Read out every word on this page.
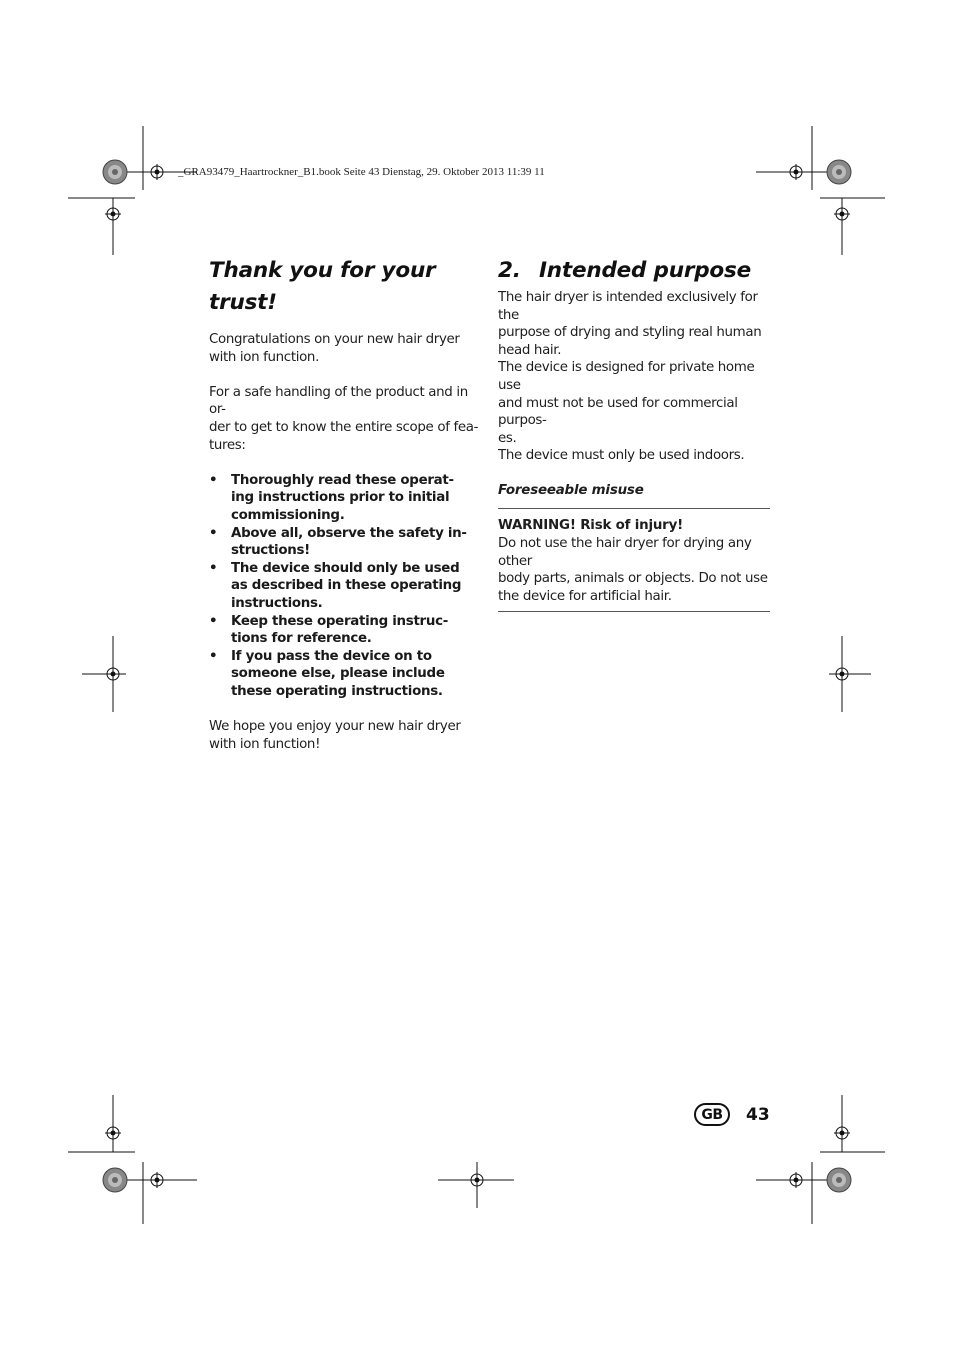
_GRA93479_Haartrockner_B1.book Seite 43 Dienstag, 29. Oktober 2013 11:39 11
Thank you for your trust!

Congratulations on your new hair dryer with ion function.

For a safe handling of the product and in or-
der to get to know the entire scope of fea-
tures:

• Thoroughly read these operat-
ing instructions prior to initial
commissioning.
• Above all, observe the safety in-
structions!
• The device should only be used
as described in these operating
instructions.
• Keep these operating instruc-
tions for reference.
• If you pass the device on to
someone else, please include
these operating instructions.

We hope you enjoy your new hair dryer with ion function!

2. Intended purpose

The hair dryer is intended exclusively for the
purpose of drying and styling real human
head hair.

The device is designed for private home use
and must not be used for commercial purpos-
es.

The device must only be used indoors.

Foreseeable misuse

WARNING! Risk of injury!

Do not use the hair dryer for drying any other
body parts, animals or objects. Do not use
the device for artificial hair.

GB	43
